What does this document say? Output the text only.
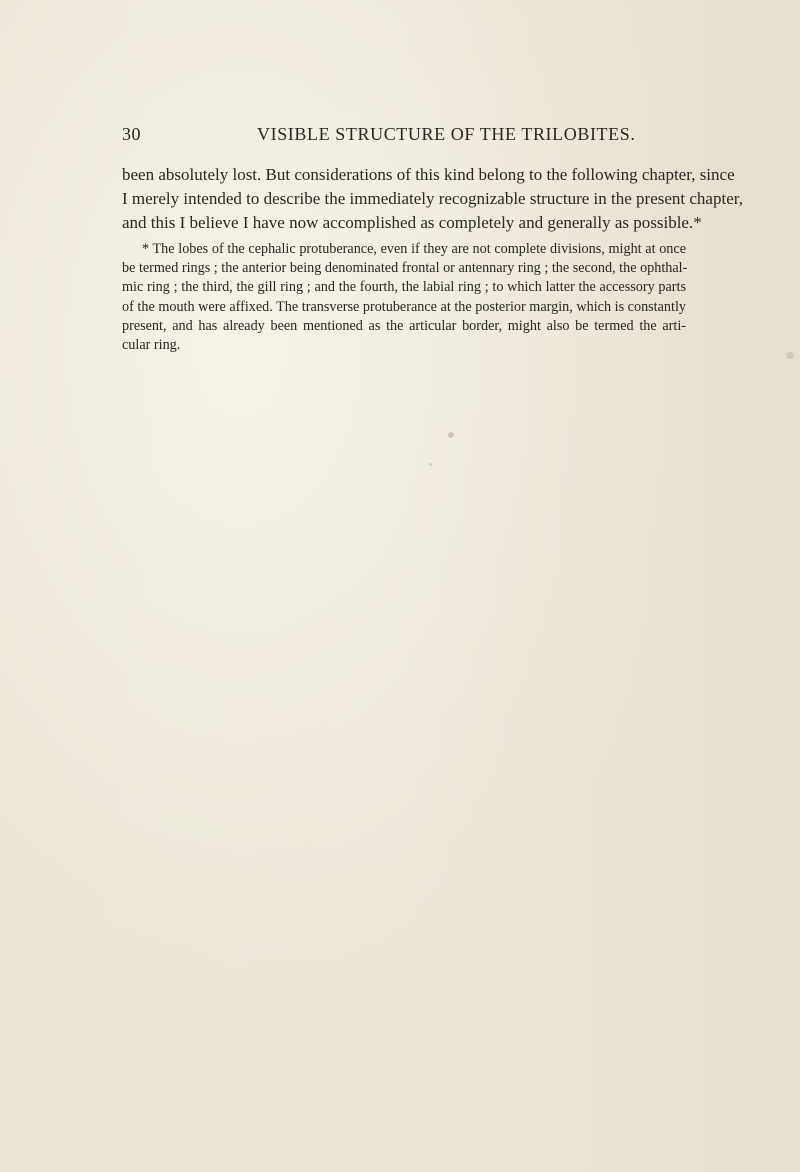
30	VISIBLE STRUCTURE OF THE TRILOBITES.
been absolutely lost. But considerations of this kind belong to the following chapter, since
I merely intended to describe the immediately recognizable structure in the present chapter,
and this I believe I have now accomplished as completely and generally as possible.*
* The lobes of the cephalic protuberance, even if they are not complete divisions, might at once
be termed rings ; the anterior being denominated frontal or antennary ring ; the second, the ophthal-
mic ring ; the third, the gill ring ; and the fourth, the labial ring ; to which latter the accessory parts
of the mouth were affixed. The transverse protuberance at the posterior margin, which is constantly
present, and has already been mentioned as the articular border, might also be termed the arti-
cular ring.
